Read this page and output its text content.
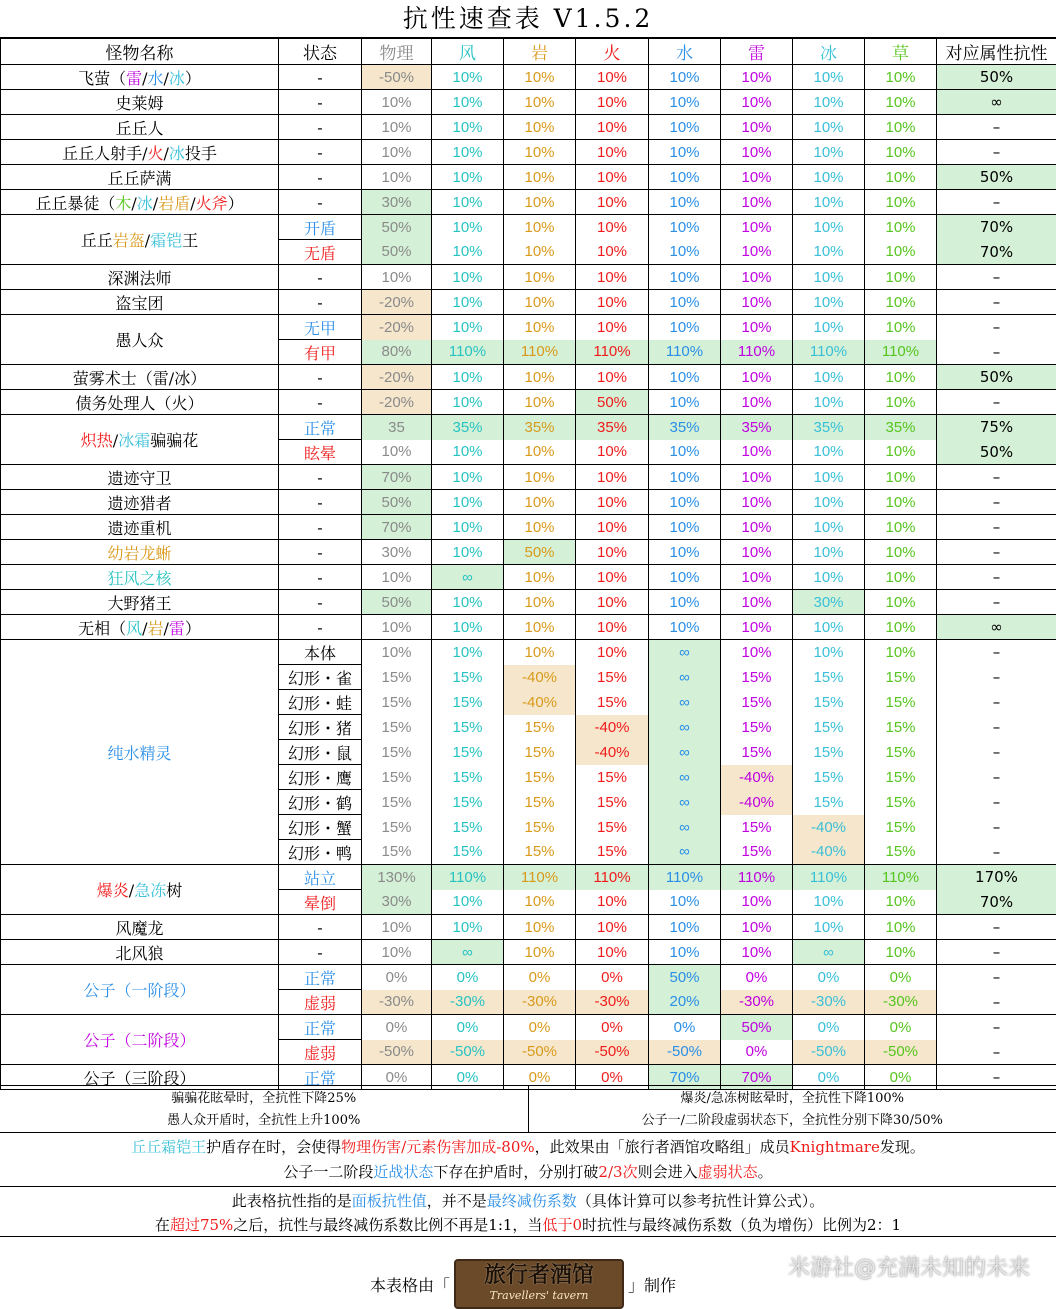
抗性速查表 V1.5.2
怪物名称	状态	物理	风	岩	火	水	雷	冰	草	对应属性抗性
飞萤（雷/水/冰）	-	-50%	10%	10%	10%	10%	10%	10%	10%	50%
史莱姆	-	10%	10%	10%	10%	10%	10%	10%	10%	∞
丘丘人	-	10%	10%	10%	10%	10%	10%	10%	10%	–
丘丘人射手/火/冰投手	-	10%	10%	10%	10%	10%	10%	10%	10%	–
丘丘萨满	-	10%	10%	10%	10%	10%	10%	10%	10%	50%
丘丘暴徒（木/冰/岩盾/火斧）	-	30%	10%	10%	10%	10%	10%	10%	10%	–
丘丘岩盔/霜铠王	开盾	50%	10%	10%	10%	10%	10%	10%	10%	70%
	无盾	50%	10%	10%	10%	10%	10%	10%	10%	70%
深渊法师	-	10%	10%	10%	10%	10%	10%	10%	10%	–
盗宝团	-	-20%	10%	10%	10%	10%	10%	10%	10%	–
愚人众	无甲	-20%	10%	10%	10%	10%	10%	10%	10%	–
	有甲	80%	110%	110%	110%	110%	110%	110%	110%	–
萤雾术士（雷/冰）	-	-20%	10%	10%	10%	10%	10%	10%	10%	50%
债务处理人（火）	-	-20%	10%	10%	50%	10%	10%	10%	10%	–
炽热/冰霜骗骗花	正常	35	35%	35%	35%	35%	35%	35%	35%	75%
	眩晕	10%	10%	10%	10%	10%	10%	10%	10%	50%
遗迹守卫	-	70%	10%	10%	10%	10%	10%	10%	10%	–
遗迹猎者	-	50%	10%	10%	10%	10%	10%	10%	10%	–
遗迹重机	-	70%	10%	10%	10%	10%	10%	10%	10%	–
幼岩龙蜥	-	30%	10%	50%	10%	10%	10%	10%	10%	–
狂风之核	-	10%	∞	10%	10%	10%	10%	10%	10%	–
大野猪王	-	50%	10%	10%	10%	10%	10%	30%	10%	–
无相（风/岩/雷）	-	10%	10%	10%	10%	10%	10%	10%	10%	∞
纯水精灵	本体	10%	10%	10%	10%	∞	10%	10%	10%	–
	幻形・雀	15%	15%	-40%	15%	∞	15%	15%	15%	–
	幻形・蛙	15%	15%	-40%	15%	∞	15%	15%	15%	–
	幻形・猪	15%	15%	15%	-40%	∞	15%	15%	15%	–
	幻形・鼠	15%	15%	15%	-40%	∞	15%	15%	15%	–
	幻形・鹰	15%	15%	15%	15%	∞	-40%	15%	15%	–
	幻形・鹤	15%	15%	15%	15%	∞	-40%	15%	15%	–
	幻形・蟹	15%	15%	15%	15%	∞	15%	-40%	15%	–
	幻形・鸭	15%	15%	15%	15%	∞	15%	-40%	15%	–
爆炎/急冻树	站立	130%	110%	110%	110%	110%	110%	110%	110%	170%
	晕倒	30%	10%	10%	10%	10%	10%	10%	10%	70%
风魔龙	-	10%	10%	10%	10%	10%	10%	10%	10%	–
北风狼	-	10%	∞	10%	10%	10%	10%	∞	10%	–
公子（一阶段）	正常	0%	0%	0%	0%	50%	0%	0%	0%	–
	虚弱	-30%	-30%	-30%	-30%	20%	-30%	-30%	-30%	–
公子（二阶段）	正常	0%	0%	0%	0%	0%	50%	0%	0%	–
	虚弱	-50%	-50%	-50%	-50%	-50%	0%	-50%	-50%	–
公子（三阶段）	正常	0%	0%	0%	0%	70%	70%	0%	0%	–
骗骗花眩晕时，全抗性下降25%
愚人众开盾时，全抗性上升100%
爆炎/急冻树眩晕时，全抗性下降100%
公子一/二阶段虚弱状态下，全抗性分别下降30/50%
丘丘霜铠王护盾存在时，会使得物理伤害/元素伤害加成-80%，此效果由「旅行者酒馆攻略组」成员Knightmare发现。
公子一二阶段近战状态下存在护盾时，分别打破2/3次则会进入虚弱状态。
此表格抗性指的是面板抗性值，并不是最终减伤系数（具体计算可以参考抗性计算公式）。
在超过75%之后，抗性与最终减伤系数比例不再是1:1，当低于0时抗性与最终减伤系数（负为增伤）比例为2：1
本表格由「	旅行者酒馆
Travellers' tavern
」制作
米游社@充满未知的未来
